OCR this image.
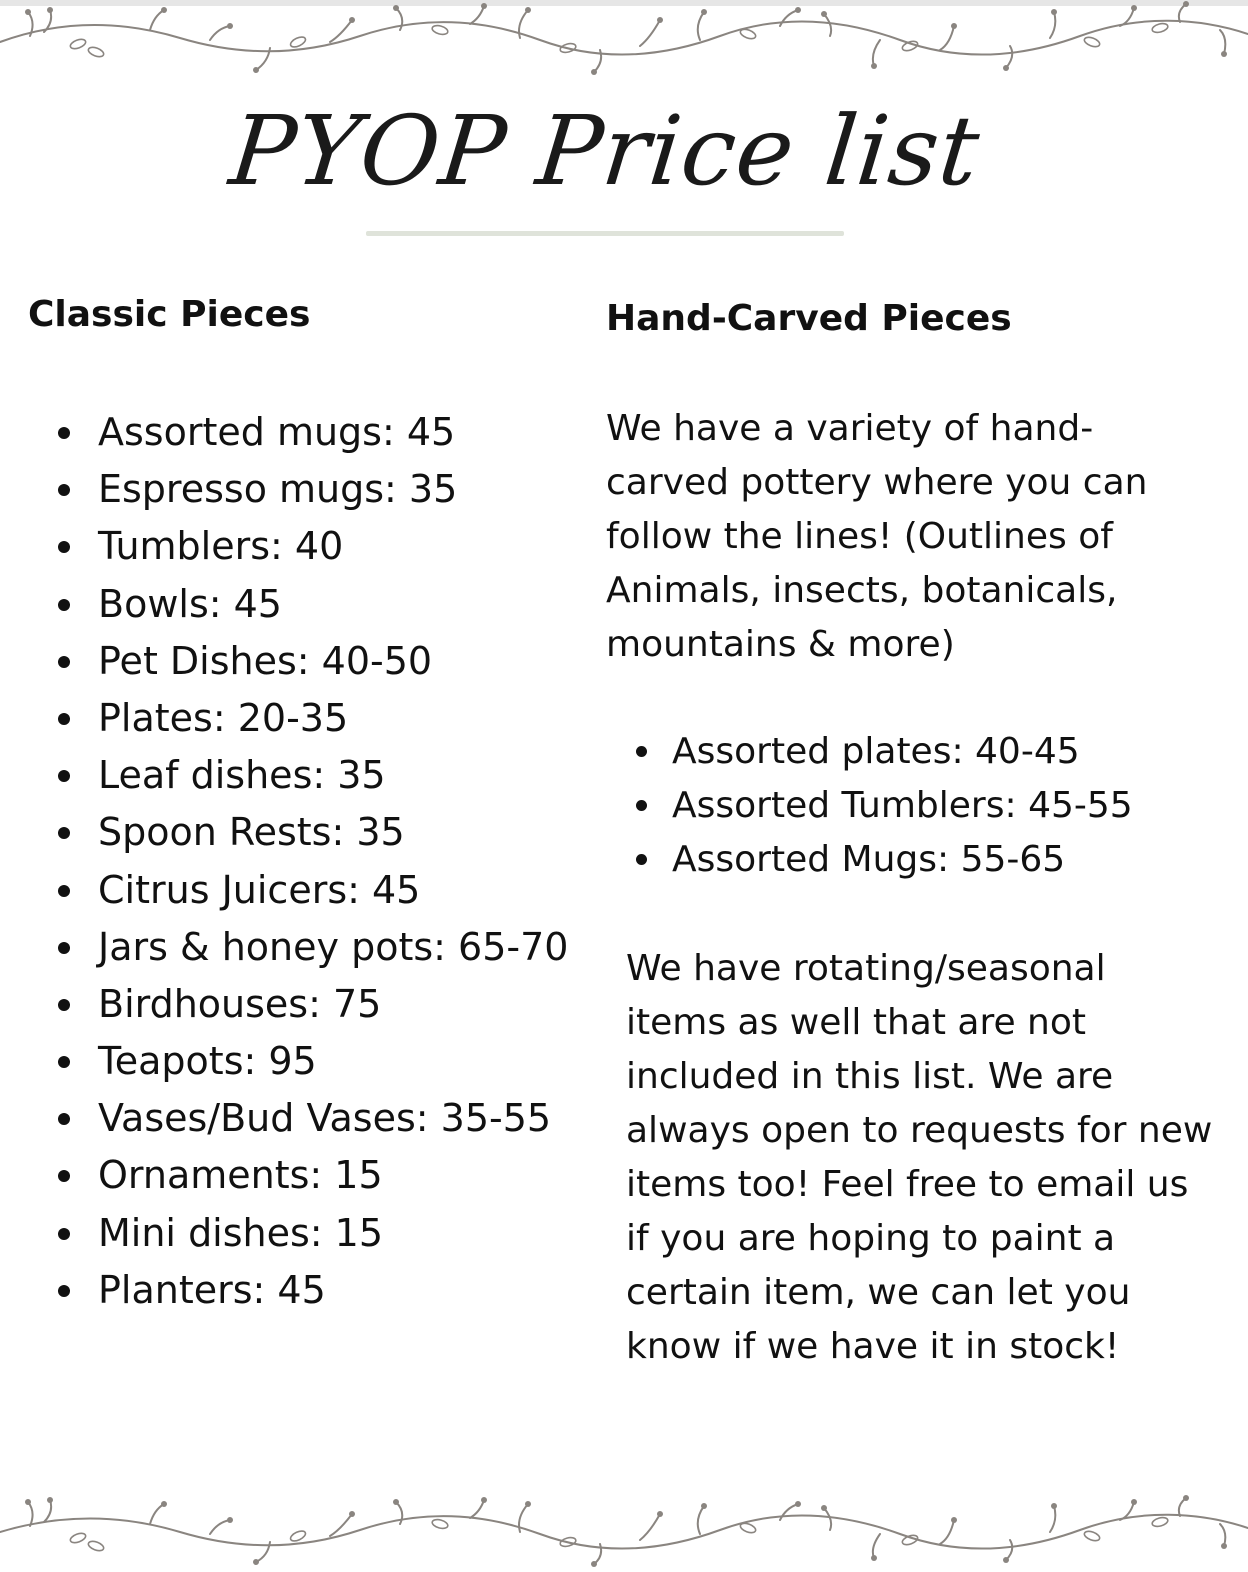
PYOP Price list
Classic Pieces
Assorted mugs: 45
Espresso mugs: 35
Tumblers: 40
Bowls: 45
Pet Dishes: 40-50
Plates: 20-35
Leaf dishes: 35
Spoon Rests: 35
Citrus Juicers: 45
Jars & honey pots: 65-70
Birdhouses: 75
Teapots: 95
Vases/Bud Vases: 35-55
Ornaments: 15
Mini dishes: 15
Planters: 45
Hand-Carved Pieces

We have a variety of hand-carved pottery where you can follow the lines! (Outlines of Animals, insects, botanicals, mountains & more)

Assorted plates: 40-45
Assorted Tumblers: 45-55
Assorted Mugs: 55-65

We have rotating/seasonal items as well that are not included in this list. We are always open to requests for new items too! Feel free to email us if you are hoping to paint a certain item, we can let you know if we have it in stock!
